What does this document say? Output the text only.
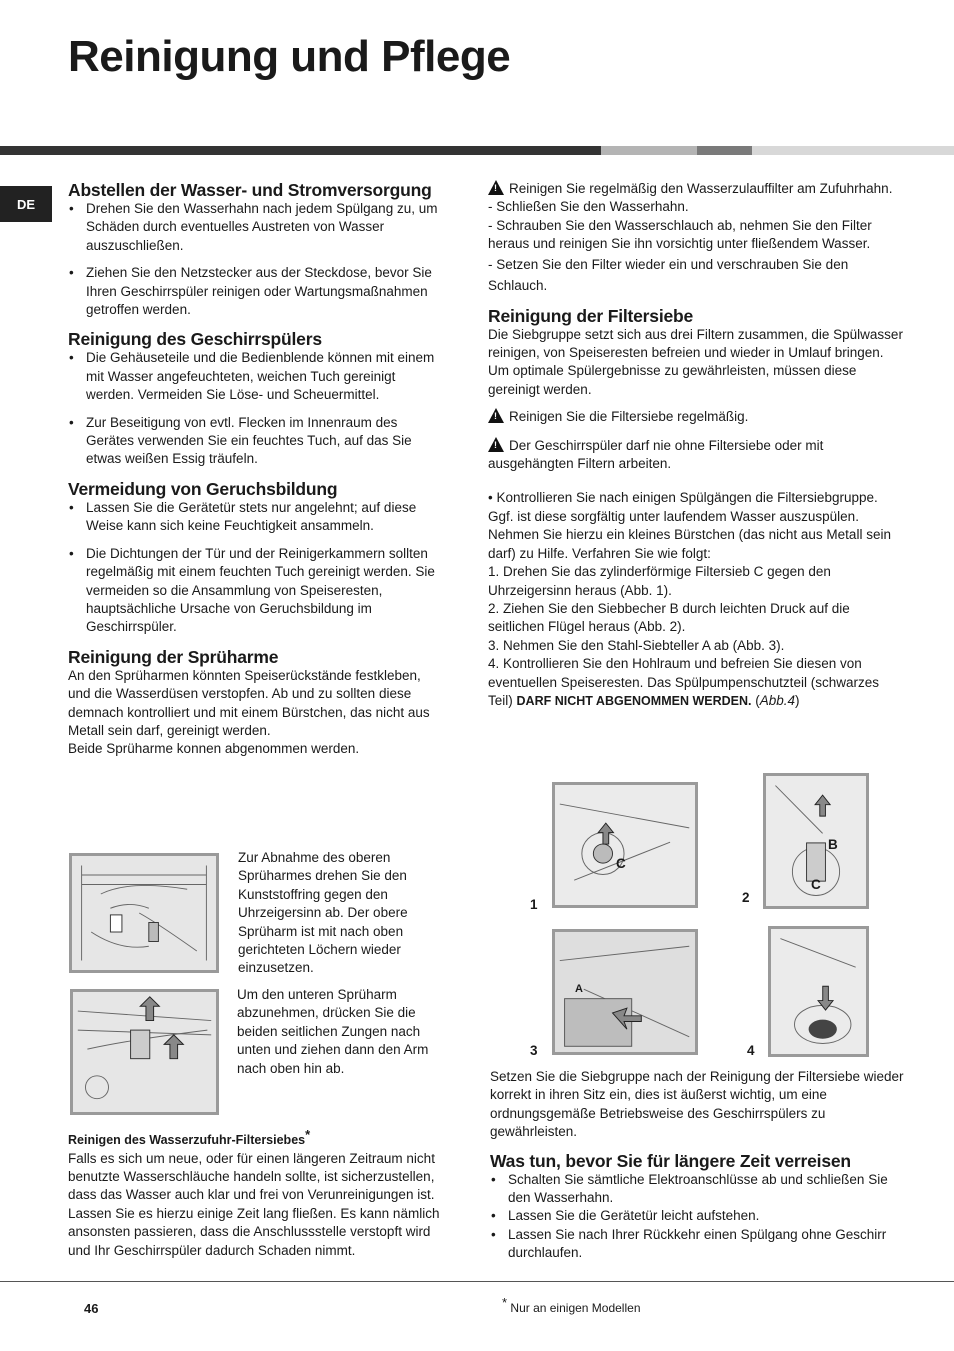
Reinigung und Pflege
DE
Abstellen der Wasser- und Stromversorgung
• Drehen Sie den Wasserhahn nach jedem Spülgang zu, um Schäden durch eventuelles Austreten von Wasser auszuschließen.
• Ziehen Sie den Netzstecker aus der Steckdose, bevor Sie Ihren Geschirrspüler reinigen oder Wartungsmaßnahmen getroffen werden.
Reinigung des Geschirrspülers
• Die Gehäuseteile und die Bedienblende können mit einem mit Wasser angefeuchteten, weichen Tuch gereinigt werden. Vermeiden Sie Löse- und Scheuermittel.
• Zur Beseitigung von evtl. Flecken im Innenraum des Gerätes verwenden Sie ein feuchtes Tuch, auf das Sie etwas weißen Essig träufeln.
Vermeidung von Geruchsbildung
• Lassen Sie die Gerätetür stets nur angelehnt; auf diese Weise kann sich keine Feuchtigkeit ansammeln.
• Die Dichtungen der Tür und der Reinigerkammern sollten regelmäßig mit einem feuchten Tuch gereinigt werden. Sie vermeiden so die Ansammlung von Speiseresten, hauptsächliche Ursache von Geruchsbildung im Geschirrspüler.
Reinigung der Sprüharme

An den Sprüharmen könnten Speiserückstände festkleben, und die Wasserdüsen verstopfen. Ab und zu sollten diese demnach kontrolliert und mit einem Bürstchen, das nicht aus Metall sein darf, gereinigt werden.

Beide Sprüharme konnen abgenommen werden.

Zur Abnahme des oberen Sprüharmes drehen Sie den Kunststoffring gegen den Uhrzeigersinn ab. Der obere Sprüharm ist mit nach oben gerichteten Löchern wieder einzusetzen.
Um den unteren Sprüharm abzunehmen, drücken Sie die beiden seitlichen Zungen nach unten und ziehen dann den Arm nach oben hin ab.

Reinigen des Wasserzufuhr-Filtersiebes*

Falls es sich um neue, oder für einen längeren Zeitraum nicht benutzte Wasserschläuche handeln sollte, ist sicherzustellen, dass das Wasser auch klar und frei von Verunreinigungen ist. Lassen Sie es hierzu einige Zeit lang fließen. Es kann nämlich ansonsten passieren, dass die Anschlussstelle verstopft wird und Ihr Geschirrspüler dadurch Schaden nimmt.

!Reinigen Sie regelmäßig den Wasserzulauffilter am Zufuhrhahn.

- Schließen Sie den Wasserhahn.

- Schrauben Sie den Wasserschlauch ab, nehmen Sie den Filter heraus und reinigen Sie ihn vorsichtig unter fließendem Wasser.

- Setzen Sie den Filter wieder ein und verschrauben Sie den Schlauch.

Reinigung der Filtersiebe

Die Siebgruppe setzt sich aus drei Filtern zusammen, die Spülwasser reinigen, von Speiseresten befreien und wieder in Umlauf bringen. Um optimale Spülergebnisse zu gewährleisten, müssen diese gereinigt werden.

!Reinigen Sie die Filtersiebe regelmäßig.

!Der Geschirrspüler darf nie ohne Filtersiebe oder mit ausgehängten Filtern arbeiten.

• Kontrollieren Sie nach einigen Spülgängen die Filtersiebgruppe. Ggf. ist diese sorgfältig unter laufendem Wasser auszuspülen. Nehmen Sie hierzu ein kleines Bürstchen (das nicht aus Metall sein darf) zu Hilfe. Verfahren Sie wie folgt:

1. Drehen Sie das zylinderförmige Filtersieb C gegen den Uhrzeigersinn heraus (Abb. 1).

2. Ziehen Sie den Siebbecher B durch leichten Druck auf die seitlichen Flügel heraus (Abb. 2).

3. Nehmen Sie den Stahl-Siebteller A ab (Abb. 3).

4. Kontrollieren Sie den Hohlraum und befreien Sie diesen von eventuellen Speiseresten. Das Spülpumpenschutzteil (schwarzes Teil) DARF NICHT ABGENOMMEN WERDEN. (Abb.4)

1	2
3	4
C
B
C
A

Setzen Sie die Siebgruppe nach der Reinigung der Filtersiebe wieder korrekt in ihren Sitz ein, dies ist äußerst wichtig, um eine ordnungsgemäße Betriebsweise des Geschirrspülers zu gewährleisten.

Was tun, bevor Sie für längere Zeit verreisen
• Schalten Sie sämtliche Elektroanschlüsse ab und schließen Sie den Wasserhahn.
• Lassen Sie die Gerätetür leicht aufstehen.
• Lassen Sie nach Ihrer Rückkehr einen Spülgang ohne Geschirr durchlaufen.
46	* Nur an einigen Modellen
